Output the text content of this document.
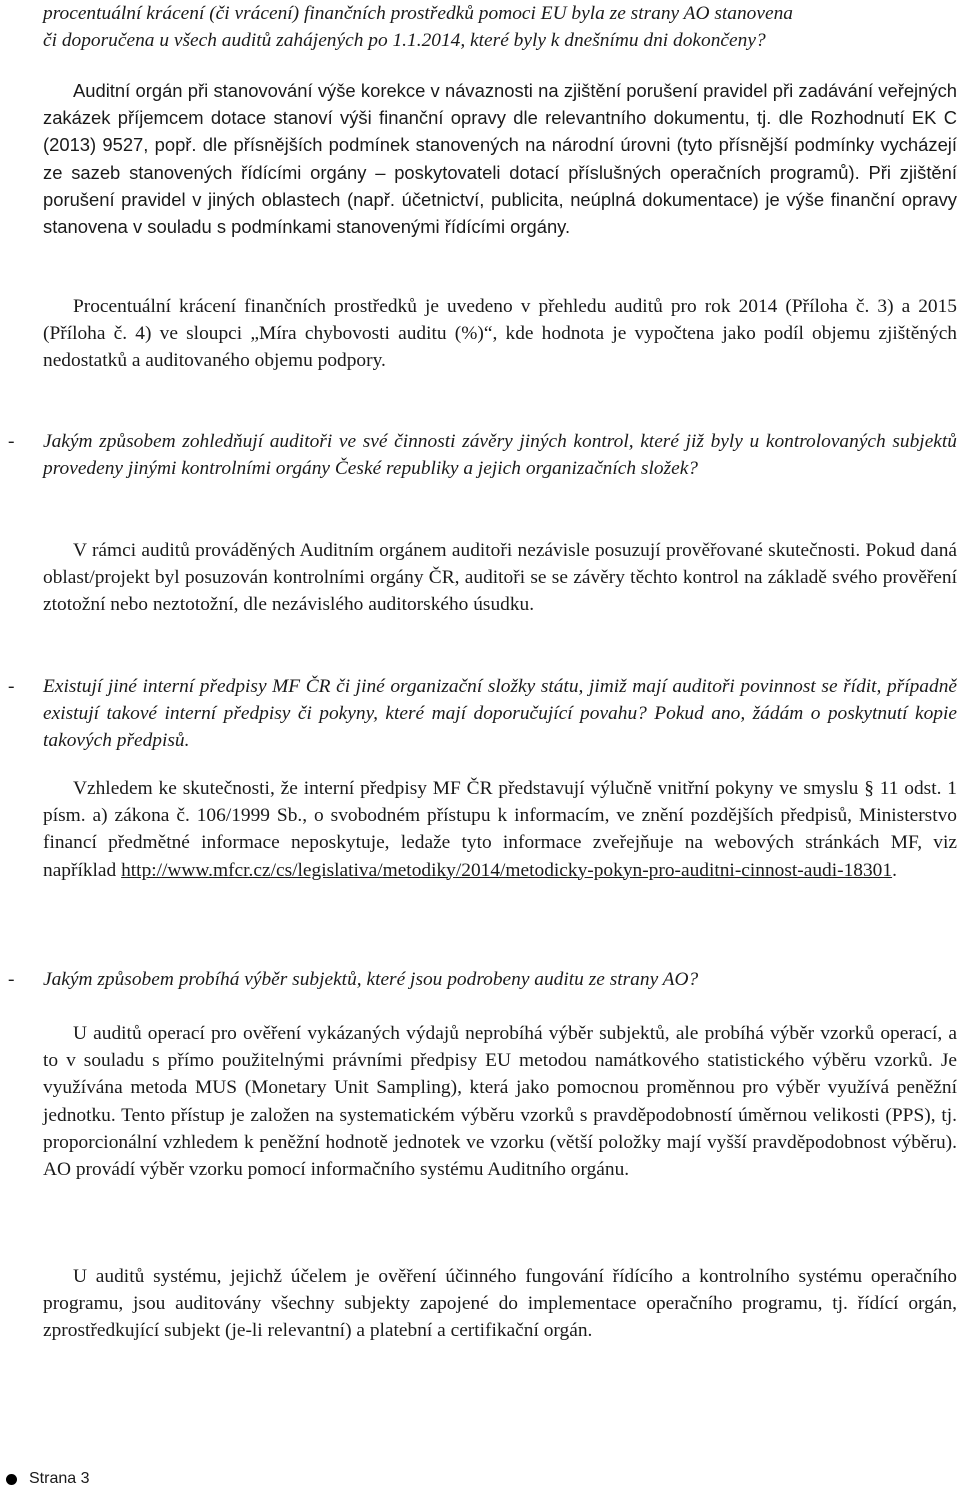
procentuální krácení (či vrácení) finančních prostředků pomoci EU byla ze strany AO stanovena
či doporučena u všech auditů zahájených po 1.1.2014, které byly k dnešnímu dni dokončeny?
Auditní orgán při stanovování výše korekce v návaznosti na zjištění porušení pravidel při zadávání veřejných zakázek příjemcem dotace stanoví výši finanční opravy dle relevantního dokumentu, tj. dle Rozhodnutí EK C (2013) 9527, popř. dle přísnějších podmínek stanovených na národní úrovni (tyto přísnější podmínky vycházejí ze sazeb stanovených řídícími orgány – poskytovateli dotací příslušných operačních programů). Při zjištění porušení pravidel v jiných oblastech (např. účetnictví, publicita, neúplná dokumentace) je výše finanční opravy stanovena v souladu s podmínkami stanovenými řídícími orgány.
Procentuální krácení finančních prostředků je uvedeno v přehledu auditů pro rok 2014 (Příloha č. 3) a 2015 (Příloha č. 4) ve sloupci „Míra chybovosti auditu (%)“, kde hodnota je vypočtena jako podíl objemu zjištěných nedostatků a auditovaného objemu podpory.
- Jakým způsobem zohledňují auditoři ve své činnosti závěry jiných kontrol, které již byly u kontrolovaných subjektů provedeny jinými kontrolními orgány České republiky a jejich organizačních složek?
V rámci auditů prováděných Auditním orgánem auditoři nezávisle posuzují prověřované skutečnosti. Pokud daná oblast/projekt byl posuzován kontrolními orgány ČR, auditoři se se závěry těchto kontrol na základě svého prověření ztotožní nebo neztotožní, dle nezávislého auditorského úsudku.
- Existují jiné interní předpisy MF ČR či jiné organizační složky státu, jimiž mají auditoři povinnost se řídit, případně existují takové interní předpisy či pokyny, které mají doporučující povahu? Pokud ano, žádám o poskytnutí kopie takových předpisů.
Vzhledem ke skutečnosti, že interní předpisy MF ČR představují výlučně vnitřní pokyny ve smyslu § 11 odst. 1 písm. a) zákona č. 106/1999 Sb., o svobodném přístupu k informacím, ve znění pozdějších předpisů, Ministerstvo financí předmětné informace neposkytuje, ledaže tyto informace zveřejňuje na webových stránkách MF, viz například http://www.mfcr.cz/cs/legislativa/metodiky/2014/metodicky-pokyn-pro-auditni-cinnost-audi-18301.
- Jakým způsobem probíhá výběr subjektů, které jsou podrobeny auditu ze strany AO?
U auditů operací pro ověření vykázaných výdajů neprobíhá výběr subjektů, ale probíhá výběr vzorků operací, a to v souladu s přímo použitelnými právními předpisy EU metodou namátkového statistického výběru vzorků. Je využívána metoda MUS (Monetary Unit Sampling), která jako pomocnou proměnnou pro výběr využívá peněžní jednotku. Tento přístup je založen na systematickém výběru vzorků s pravděpodobností úměrnou velikosti (PPS), tj. proporcionální vzhledem k peněžní hodnotě jednotek ve vzorku (větší položky mají vyšší pravděpodobnost výběru). AO provádí výběr vzorku pomocí informačního systému Auditního orgánu.
U auditů systému, jejichž účelem je ověření účinného fungování řídícího a kontrolního systému operačního programu, jsou auditovány všechny subjekty zapojené do implementace operačního programu, tj. řídící orgán, zprostředkující subjekt (je-li relevantní) a platební a certifikační orgán.
Strana 3
